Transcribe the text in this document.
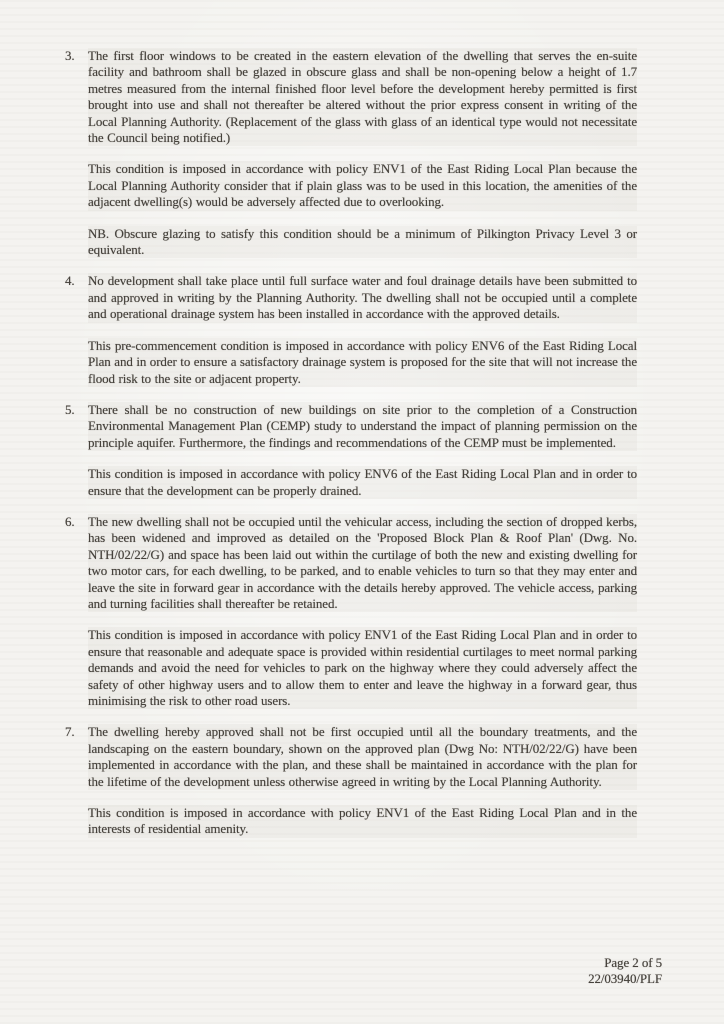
3.	The first floor windows to be created in the eastern elevation of the dwelling that serves the en-suite facility and bathroom shall be glazed in obscure glass and shall be non-opening below a height of 1.7 metres measured from the internal finished floor level before the development hereby permitted is first brought into use and shall not thereafter be altered without the prior express consent in writing of the Local Planning Authority. (Replacement of the glass with glass of an identical type would not necessitate the Council being notified.)

This condition is imposed in accordance with policy ENV1 of the East Riding Local Plan because the Local Planning Authority consider that if plain glass was to be used in this location, the amenities of the adjacent dwelling(s) would be adversely affected due to overlooking.

NB. Obscure glazing to satisfy this condition should be a minimum of Pilkington Privacy Level 3 or equivalent.

4.	No development shall take place until full surface water and foul drainage details have been submitted to and approved in writing by the Planning Authority. The dwelling shall not be occupied until a complete and operational drainage system has been installed in accordance with the approved details.

This pre-commencement condition is imposed in accordance with policy ENV6 of the East Riding Local Plan and in order to ensure a satisfactory drainage system is proposed for the site that will not increase the flood risk to the site or adjacent property.

5.	There shall be no construction of new buildings on site prior to the completion of a Construction Environmental Management Plan (CEMP) study to understand the impact of planning permission on the principle aquifer. Furthermore, the findings and recommendations of the CEMP must be implemented.

This condition is imposed in accordance with policy ENV6 of the East Riding Local Plan and in order to ensure that the development can be properly drained.

6.	The new dwelling shall not be occupied until the vehicular access, including the section of dropped kerbs, has been widened and improved as detailed on the 'Proposed Block Plan & Roof Plan' (Dwg. No. NTH/02/22/G) and space has been laid out within the curtilage of both the new and existing dwelling for two motor cars, for each dwelling, to be parked, and to enable vehicles to turn so that they may enter and leave the site in forward gear in accordance with the details hereby approved. The vehicle access, parking and turning facilities shall thereafter be retained.

This condition is imposed in accordance with policy ENV1 of the East Riding Local Plan and in order to ensure that reasonable and adequate space is provided within residential curtilages to meet normal parking demands and avoid the need for vehicles to park on the highway where they could adversely affect the safety of other highway users and to allow them to enter and leave the highway in a forward gear, thus minimising the risk to other road users.

7.	The dwelling hereby approved shall not be first occupied until all the boundary treatments, and the landscaping on the eastern boundary, shown on the approved plan (Dwg No: NTH/02/22/G) have been implemented in accordance with the plan, and these shall be maintained in accordance with the plan for the lifetime of the development unless otherwise agreed in writing by the Local Planning Authority.

This condition is imposed in accordance with policy ENV1 of the East Riding Local Plan and in the interests of residential amenity.

Page 2 of 5
22/03940/PLF
